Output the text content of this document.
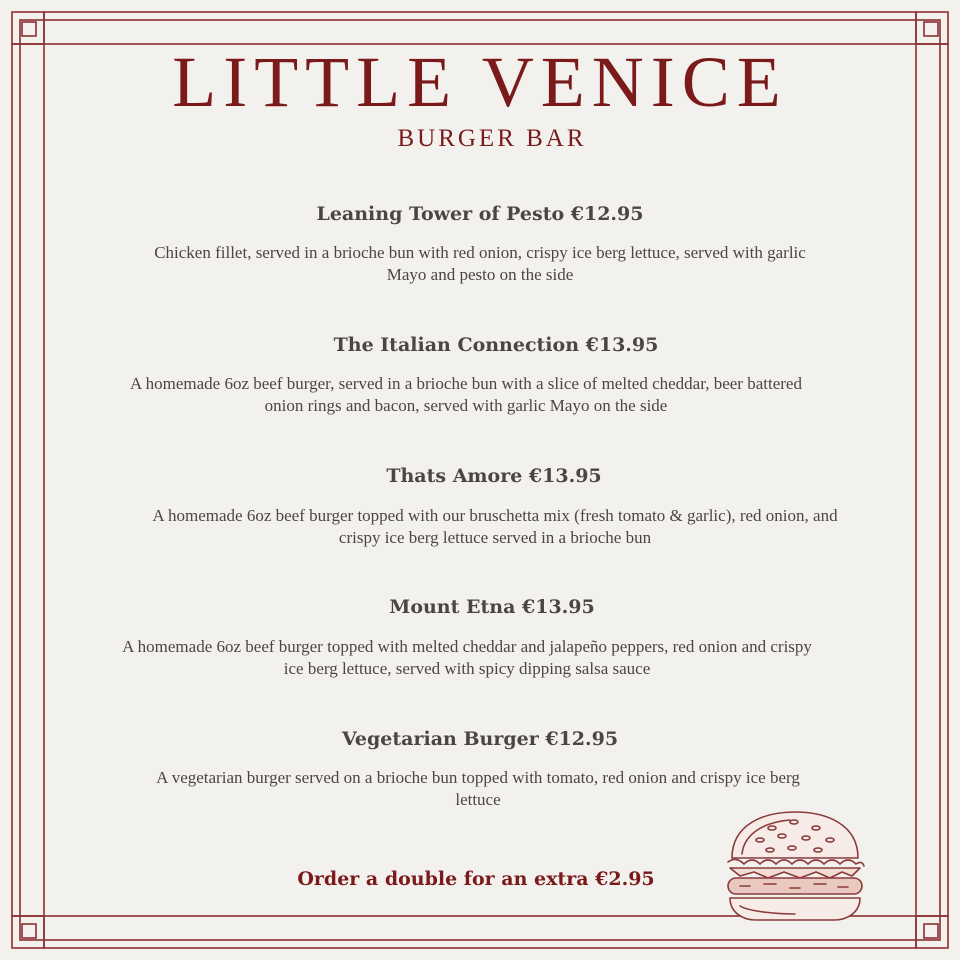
LITTLE VENICE
BURGER BAR
Leaning Tower of Pesto €12.95
Chicken fillet, served in a brioche bun with red onion, crispy ice berg lettuce, served with garlic Mayo and pesto on the side
The Italian Connection €13.95
A homemade 6oz beef burger, served in a brioche bun with a slice of melted cheddar, beer battered onion rings and bacon, served with garlic Mayo on the side
Thats Amore €13.95
A homemade 6oz beef burger topped with our bruschetta mix (fresh tomato & garlic), red onion, and crispy ice berg lettuce served in a brioche bun
Mount Etna €13.95
A homemade 6oz beef burger topped with melted cheddar and jalapeño peppers, red onion and crispy ice berg lettuce, served with spicy dipping salsa sauce
Vegetarian Burger €12.95
A vegetarian burger served on a brioche bun topped with tomato, red onion and crispy ice berg lettuce
Order a double for an extra €2.95
